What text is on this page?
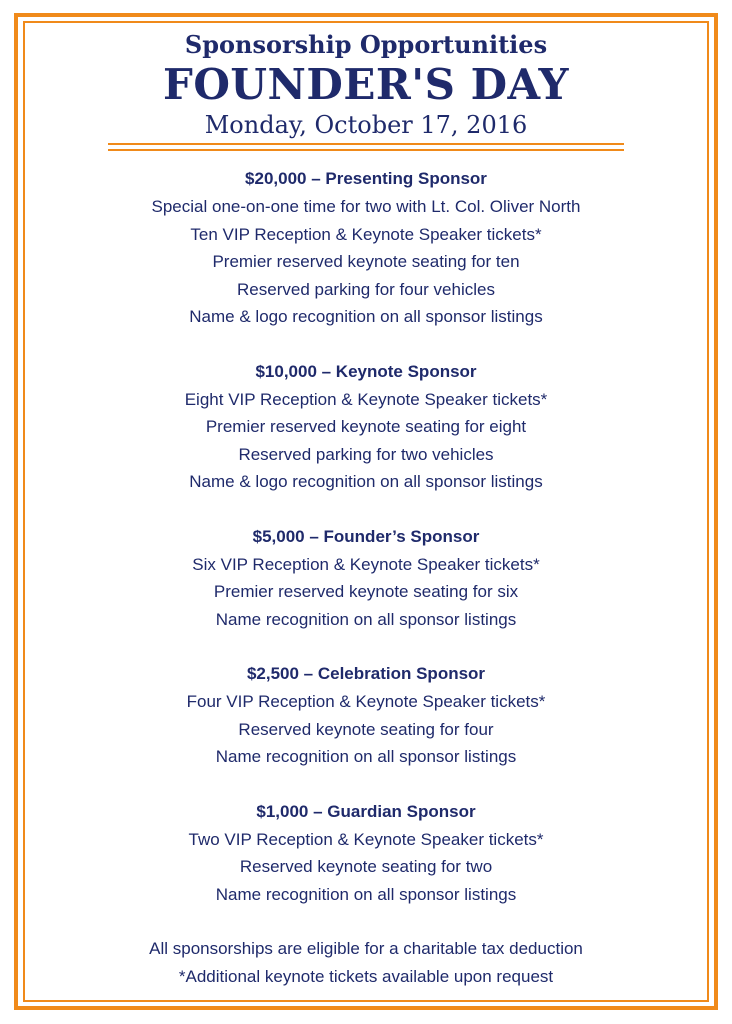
Sponsorship Opportunities
FOUNDER'S DAY
Monday, October 17, 2016
$20,000 – Presenting Sponsor
Special one-on-one time for two with Lt. Col. Oliver North
Ten VIP Reception & Keynote Speaker tickets*
Premier reserved keynote seating for ten
Reserved parking for four vehicles
Name & logo recognition on all sponsor listings
$10,000 – Keynote Sponsor
Eight VIP Reception & Keynote Speaker tickets*
Premier reserved keynote seating for eight
Reserved parking for two vehicles
Name & logo recognition on all sponsor listings
$5,000 – Founder’s Sponsor
Six VIP Reception & Keynote Speaker tickets*
Premier reserved keynote seating for six
Name recognition on all sponsor listings
$2,500 – Celebration Sponsor
Four VIP Reception & Keynote Speaker tickets*
Reserved keynote seating for four
Name recognition on all sponsor listings
$1,000 – Guardian Sponsor
Two VIP Reception & Keynote Speaker tickets*
Reserved keynote seating for two
Name recognition on all sponsor listings
All sponsorships are eligible for a charitable tax deduction
*Additional keynote tickets available upon request
